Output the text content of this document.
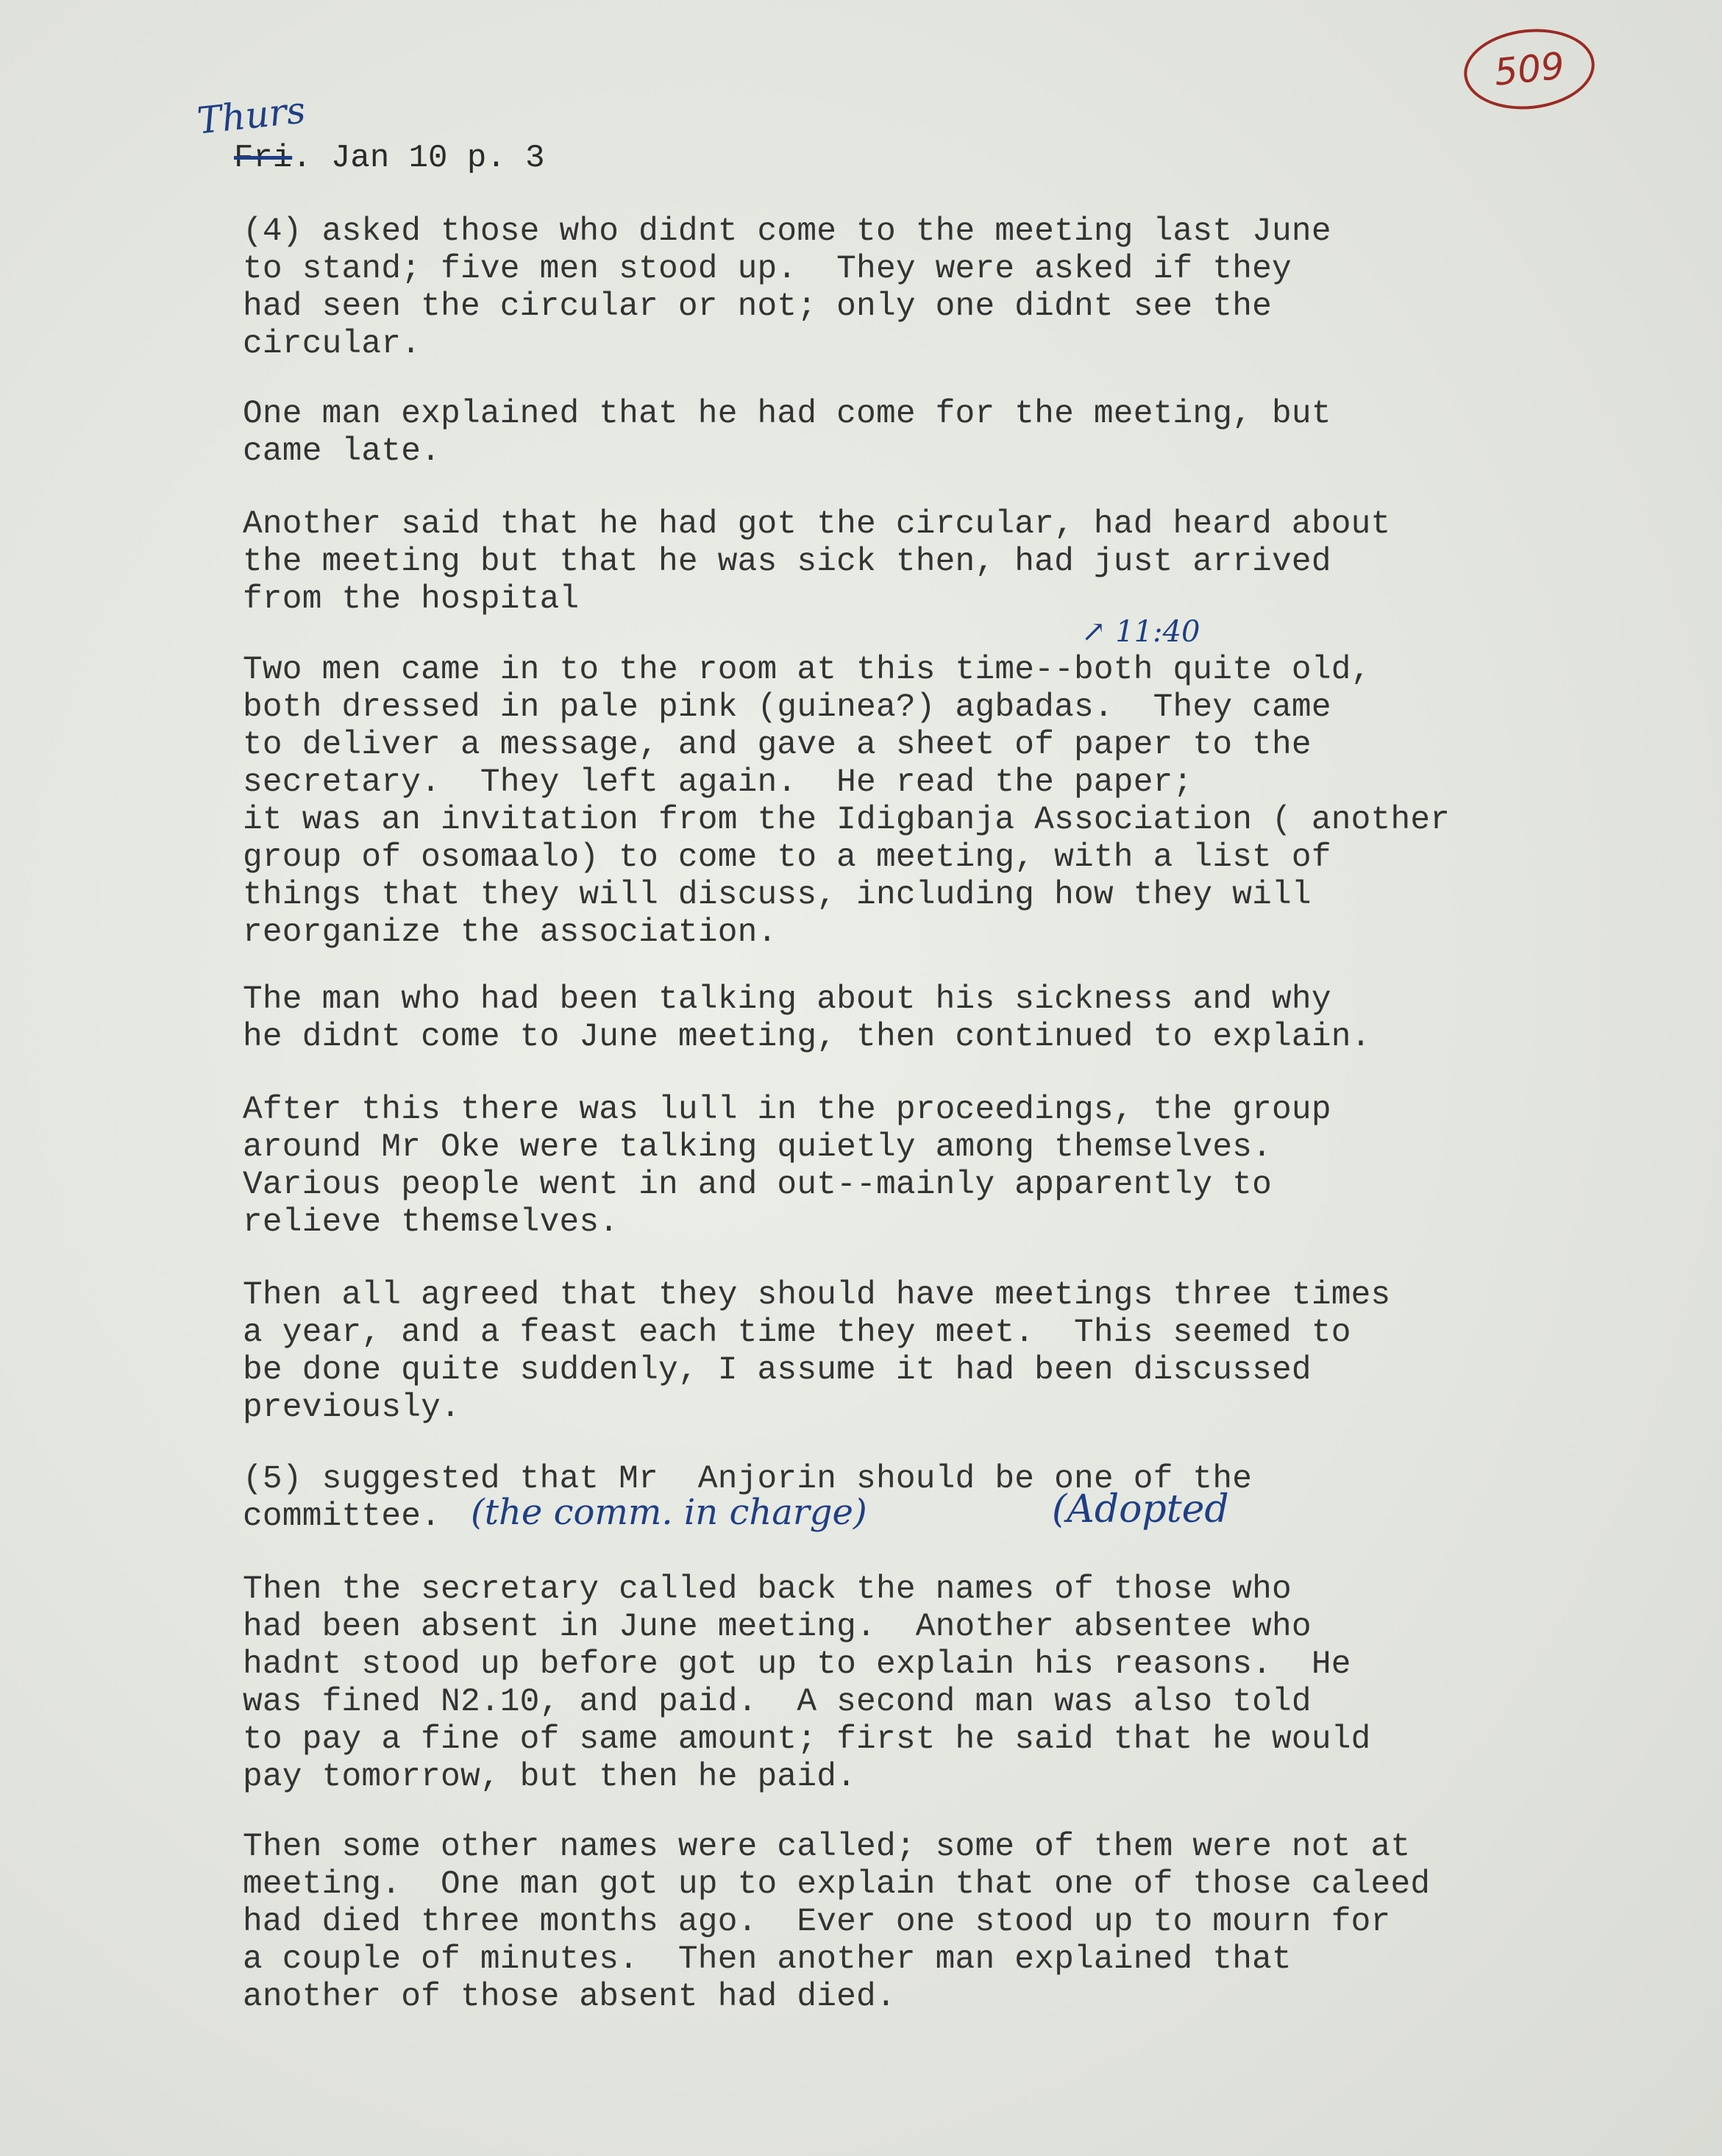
509
Thurs
Fri. Jan 10 p. 3

(4) asked those who didnt come to the meeting last June
to stand; five men stood up.  They were asked if they
had seen the circular or not; only one didnt see the
circular.

One man explained that he had come for the meeting, but
came late.

Another said that he had got the circular, had heard about
the meeting but that he was sick then, had just arrived
from the hospital

↗ 11:40

Two men came in to the room at this time--both quite old,
both dressed in pale pink (guinea?) agbadas.  They came
to deliver a message, and gave a sheet of paper to the
secretary.  They left again.  He read the paper;
it was an invitation from the Idigbanja Association ( another
group of osomaalo) to come to a meeting, with a list of
things that they will discuss, including how they will
reorganize the association.

The man who had been talking about his sickness and why
he didnt come to June meeting, then continued to explain.

After this there was lull in the proceedings, the group
around Mr Oke were talking quietly among themselves.
Various people went in and out--mainly apparently to
relieve themselves.

Then all agreed that they should have meetings three times
a year, and a feast each time they meet.  This seemed to
be done quite suddenly, I assume it had been discussed
previously.

(5) suggested that Mr  Anjorin should be one of the
committee. (the comm. in charge)	(Adopted

Then the secretary called back the names of those who
had been absent in June meeting.  Another absentee who
hadnt stood up before got up to explain his reasons.  He
was fined N2.10, and paid.  A second man was also told
to pay a fine of same amount; first he said that he would
pay tomorrow, but then he paid.

Then some other names were called; some of them were not at
meeting.  One man got up to explain that one of those caleed
had died three months ago.  Ever one stood up to mourn for
a couple of minutes.  Then another man explained that
another of those absent had died.
